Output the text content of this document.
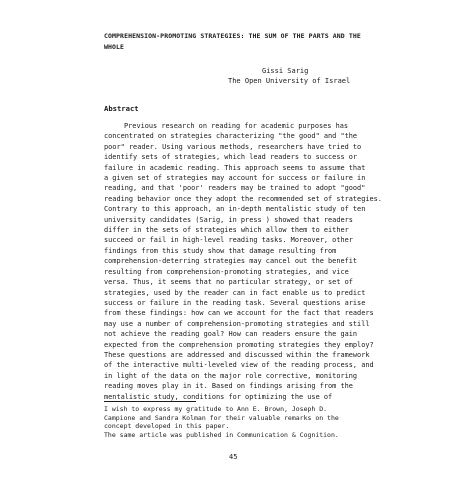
COMPREHENSION-PROMOTING STRATEGIES: THE SUM OF THE PARTS AND THE
WHOLE
Gissi Sarig
The Open University of Israel
Abstract
Previous research on reading for academic purposes has
concentrated on strategies characterizing "the good" and "the
poor" reader. Using various methods, researchers have tried to
identify sets of strategies, which lead readers to success or
failure in academic reading. This approach seems to assume that
a given set of strategies may account for success or failure in
reading, and that 'poor' readers may be trained to adopt "good"
reading behavior once they adopt the recommended set of strategies.
Contrary to this approach, an in-depth mentalistic study of ten
university candidates (Sarig, in press ) showed that readers
differ in the sets of strategies which allow them to either
succeed or fail in high-level reading tasks. Moreover, other
findings from this study show that damage resulting from
comprehension-deterring strategies may cancel out the benefit
resulting from comprehension-promoting strategies, and vice
versa. Thus, it seems that no particular strategy, or set of
strategies, used by the reader can in fact enable us to predict
success or failure in the reading task. Several questions arise
from these findings: how can we account for the fact that readers
may use a number of comprehension-promoting strategies and still
not achieve the reading goal? How can readers ensure the gain
expected from the comprehension promoting strategies they employ?
These questions are addressed and discussed within the framework
of the interactive multi-leveled view of the reading process, and
in light of the data on the major role corrective, monitoring
reading moves play in it. Based on findings arising from the
mentalistic study, conditions for optimizing the use of
I wish to express my gratitude to Ann E. Brown, Joseph D.
Campione and Sandra Kolman for their valuable remarks on the
concept developed in this paper.
The same article was published in Communication & Cognition.
45
